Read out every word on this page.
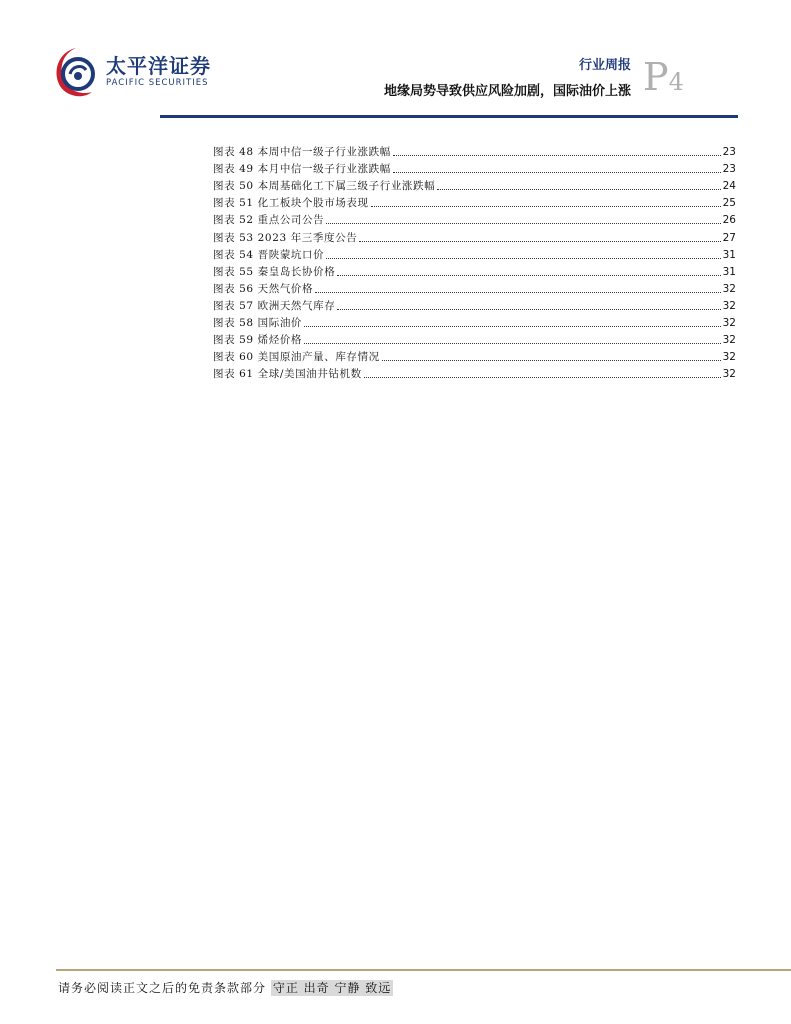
太平洋证券
PACIFIC SECURITIES
行业周报
地缘局势导致供应风险加剧，国际油价上涨 P4
图表 48 本周中信一级子行业涨跌幅	23
图表 49 本月中信一级子行业涨跌幅	23
图表 50 本周基础化工下属三级子行业涨跌幅	24
图表 51 化工板块个股市场表现	25
图表 52 重点公司公告	26
图表 53 2023 年三季度公告	27
图表 54 晋陕蒙坑口价	31
图表 55 秦皇岛长协价格	31
图表 56 天然气价格	32
图表 57 欧洲天然气库存	32
图表 58 国际油价	32
图表 59 烯烃价格	32
图表 60 美国原油产量、库存情况	32
图表 61 全球/美国油井钻机数	32
请务必阅读正文之后的免责条款部分 守正 出奇 宁静 致远
